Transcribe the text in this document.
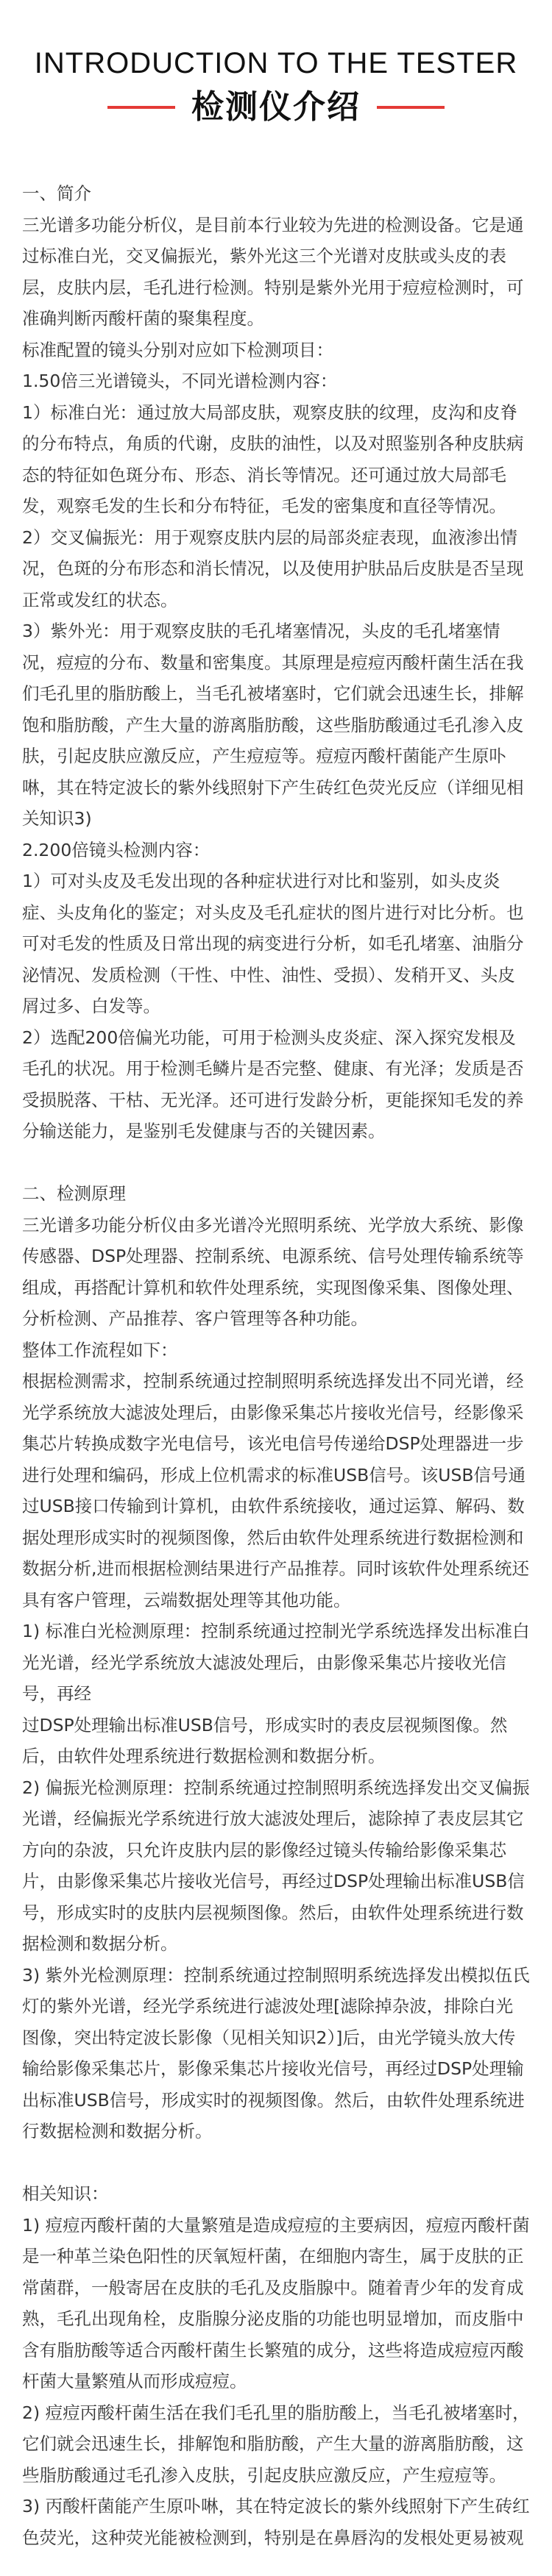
INTRODUCTION TO THE TESTER
检测仪介绍

一、简介

三光谱多功能分析仪，是目前本行业较为先进的检测设备。它是通过标准白光，交叉偏振光，紫外光这三个光谱对皮肤或头皮的表层，皮肤内层，毛孔进行检测。特别是紫外光用于痘痘检测时，可准确判断丙酸杆菌的聚集程度。

标准配置的镜头分别对应如下检测项目：

1.50倍三光谱镜头，不同光谱检测内容：

1）标准白光：通过放大局部皮肤，观察皮肤的纹理，皮沟和皮脊的分布特点，角质的代谢，皮肤的油性，以及对照鉴别各种皮肤病态的特征如色斑分布、形态、消长等情况。还可通过放大局部毛发，观察毛发的生长和分布特征，毛发的密集度和直径等情况。

2）交叉偏振光：用于观察皮肤内层的局部炎症表现，血液渗出情况，色斑的分布形态和消长情况，以及使用护肤品后皮肤是否呈现正常或发红的状态。

3）紫外光：用于观察皮肤的毛孔堵塞情况，头皮的毛孔堵塞情况，痘痘的分布、数量和密集度。其原理是痘痘丙酸杆菌生活在我们毛孔里的脂肪酸上，当毛孔被堵塞时，它们就会迅速生长，排解饱和脂肪酸，产生大量的游离脂肪酸，这些脂肪酸通过毛孔渗入皮肤，引起皮肤应激反应，产生痘痘等。痘痘丙酸杆菌能产生原卟啉，其在特定波长的紫外线照射下产生砖红色荧光反应（详细见相关知识3)

2.200倍镜头检测内容：

1）可对头皮及毛发出现的各种症状进行对比和鉴别，如头皮炎症、头皮角化的鉴定；对头皮及毛孔症状的图片进行对比分析。也可对毛发的性质及日常出现的病变进行分析，如毛孔堵塞、油脂分泌情况、发质检测（干性、中性、油性、受损）、发稍开叉、头皮屑过多、白发等。

2）选配200倍偏光功能，可用于检测头皮炎症、深入探究发根及毛孔的状况。用于检测毛鳞片是否完整、健康、有光泽；发质是否受损脱落、干枯、无光泽。还可进行发龄分析，更能探知毛发的养分输送能力，是鉴别毛发健康与否的关键因素。

二、检测原理

三光谱多功能分析仪由多光谱冷光照明系统、光学放大系统、影像传感器、DSP处理器、控制系统、电源系统、信号处理传输系统等组成，再搭配计算机和软件处理系统，实现图像采集、图像处理、分析检测、产品推荐、客户管理等各种功能。

整体工作流程如下：

根据检测需求，控制系统通过控制照明系统选择发出不同光谱，经光学系统放大滤波处理后，由影像采集芯片接收光信号，经影像采集芯片转换成数字光电信号，该光电信号传递给DSP处理器进一步进行处理和编码，形成上位机需求的标准USB信号。该USB信号通过USB接口传输到计算机，由软件系统接收，通过运算、解码、数据处理形成实时的视频图像，然后由软件处理系统进行数据检测和数据分析,进而根据检测结果进行产品推荐。同时该软件处理系统还具有客户管理，云端数据处理等其他功能。

1) 标准白光检测原理：控制系统通过控制光学系统选择发出标准白光光谱，经光学系统放大滤波处理后，由影像采集芯片接收光信号，再经

过DSP处理输出标准USB信号，形成实时的表皮层视频图像。然后，由软件处理系统进行数据检测和数据分析。

2) 偏振光检测原理：控制系统通过控制照明系统选择发出交叉偏振光谱，经偏振光学系统进行放大滤波处理后，滤除掉了表皮层其它方向的杂波，只允许皮肤内层的影像经过镜头传输给影像采集芯片，由影像采集芯片接收光信号，再经过DSP处理输出标准USB信号，形成实时的皮肤内层视频图像。然后，由软件处理系统进行数据检测和数据分析。

3) 紫外光检测原理：控制系统通过控制照明系统选择发出模拟伍氏灯的紫外光谱，经光学系统进行滤波处理[滤除掉杂波，排除白光图像，突出特定波长影像（见相关知识2）]后，由光学镜头放大传输给影像采集芯片，影像采集芯片接收光信号，再经过DSP处理输出标准USB信号，形成实时的视频图像。然后，由软件处理系统进行数据检测和数据分析。

相关知识：

1) 痘痘丙酸杆菌的大量繁殖是造成痘痘的主要病因，痘痘丙酸杆菌是一种革兰染色阳性的厌氧短杆菌，在细胞内寄生，属于皮肤的正常菌群，一般寄居在皮肤的毛孔及皮脂腺中。随着青少年的发育成熟，毛孔出现角栓，皮脂腺分泌皮脂的功能也明显增加，而皮脂中含有脂肪酸等适合丙酸杆菌生长繁殖的成分，这些将造成痘痘丙酸杆菌大量繁殖从而形成痘痘。

2) 痘痘丙酸杆菌生活在我们毛孔里的脂肪酸上，当毛孔被堵塞时，它们就会迅速生长，排解饱和脂肪酸，产生大量的游离脂肪酸，这些脂肪酸通过毛孔渗入皮肤，引起皮肤应激反应，产生痘痘等。

3) 丙酸杆菌能产生原卟啉，其在特定波长的紫外线照射下产生砖红色荧光，这种荧光能被检测到，特别是在鼻唇沟的发根处更易被观
